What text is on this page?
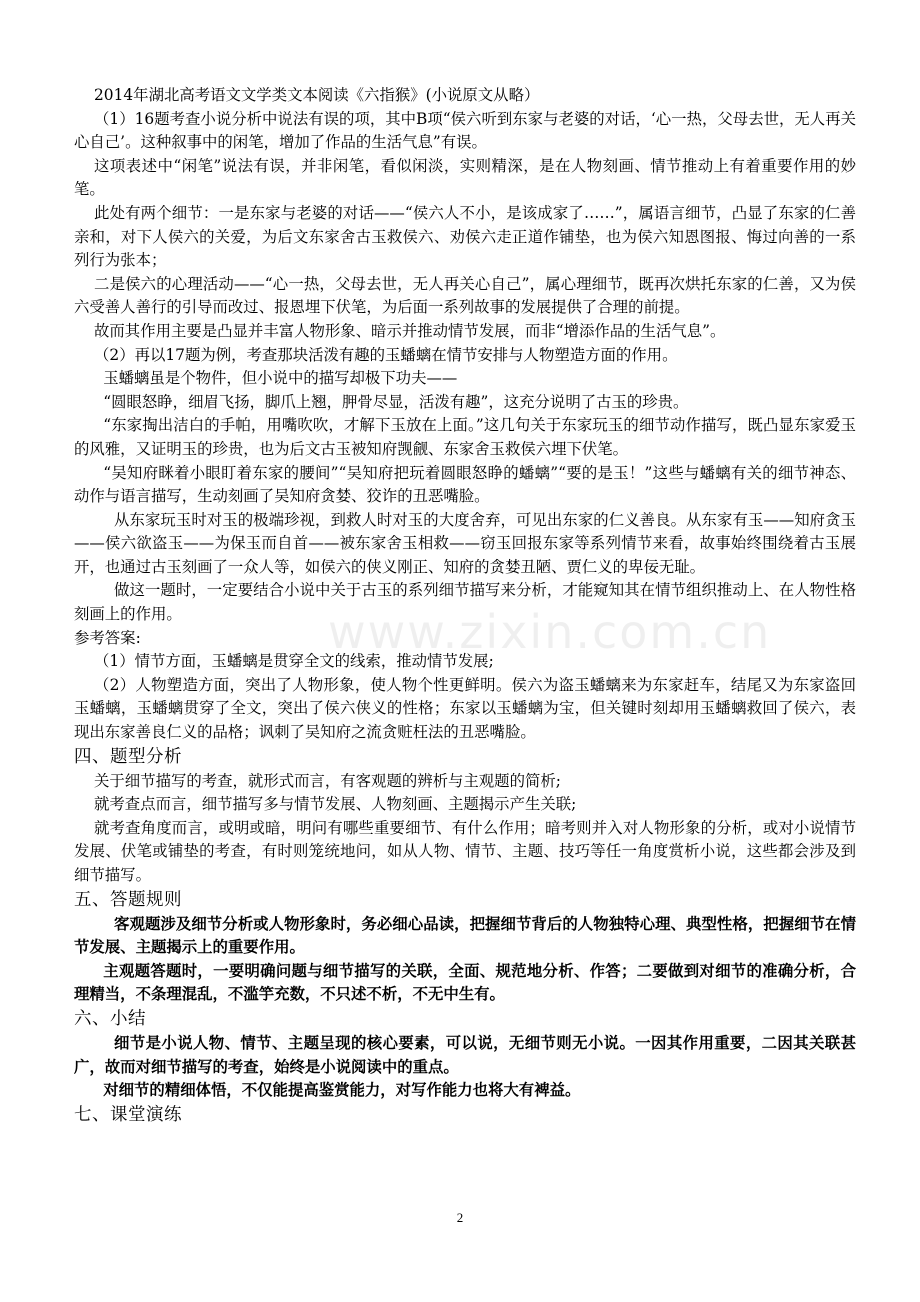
www.zixin.com.cn

2014年湖北高考语文文学类文本阅读《六指猴》(小说原文从略）

（1）16题考查小说分析中说法有误的项，其中B项“侯六听到东家与老婆的对话，‘心一热，父母去世，无人再关心自己’。这种叙事中的闲笔，增加了作品的生活气息”有误。

这项表述中“闲笔”说法有误，并非闲笔，看似闲淡，实则精深，是在人物刻画、情节推动上有着重要作用的妙笔。

此处有两个细节：一是东家与老婆的对话——“侯六人不小，是该成家了……”，属语言细节，凸显了东家的仁善亲和，对下人侯六的关爱，为后文东家舍古玉救侯六、劝侯六走正道作铺垫，也为侯六知恩图报、悔过向善的一系列行为张本；

二是侯六的心理活动——“心一热，父母去世，无人再关心自己”，属心理细节，既再次烘托东家的仁善，又为侯六受善人善行的引导而改过、报恩埋下伏笔，为后面一系列故事的发展提供了合理的前提。

故而其作用主要是凸显并丰富人物形象、暗示并推动情节发展，而非“增添作品的生活气息”。

（2）再以17题为例，考查那块活泼有趣的玉蟠螭在情节安排与人物塑造方面的作用。

玉蟠螭虽是个物件，但小说中的描写却极下功夫——

“圆眼怒睁，细眉飞扬，脚爪上翘，胛骨尽显，活泼有趣”，这充分说明了古玉的珍贵。

“东家掏出洁白的手帕，用嘴吹吹，才解下玉放在上面。”这几句关于东家玩玉的细节动作描写，既凸显东家爱玉的风雅，又证明玉的珍贵，也为后文古玉被知府觊觎、东家舍玉救侯六埋下伏笔。

“吴知府眯着小眼盯着东家的腰间”“吴知府把玩着圆眼怒睁的蟠螭”“要的是玉！”这些与蟠螭有关的细节神态、动作与语言描写，生动刻画了吴知府贪婪、狡诈的丑恶嘴脸。

从东家玩玉时对玉的极端珍视，到救人时对玉的大度舍弃，可见出东家的仁义善良。从东家有玉——知府贪玉——侯六欲盗玉——为保玉而自首——被东家舍玉相救——窃玉回报东家等系列情节来看，故事始终围绕着古玉展开，也通过古玉刻画了一众人等，如侯六的侠义刚正、知府的贪婪丑陋、贾仁义的卑佞无耻。

做这一题时，一定要结合小说中关于古玉的系列细节描写来分析，才能窥知其在情节组织推动上、在人物性格刻画上的作用。

参考答案:

（1）情节方面，玉蟠螭是贯穿全文的线索，推动情节发展;

（2）人物塑造方面，突出了人物形象，使人物个性更鲜明。侯六为盗玉蟠螭来为东家赶车，结尾又为东家盗回玉蟠螭，玉蟠螭贯穿了全文，突出了侯六侠义的性格；东家以玉蟠螭为宝，但关键时刻却用玉蟠螭救回了侯六，表现出东家善良仁义的品格；讽刺了吴知府之流贪赃枉法的丑恶嘴脸。

四、题型分析

关于细节描写的考查，就形式而言，有客观题的辨析与主观题的简析;

就考查点而言，细节描写多与情节发展、人物刻画、主题揭示产生关联;

就考查角度而言，或明或暗，明问有哪些重要细节、有什么作用；暗考则并入对人物形象的分析，或对小说情节发展、伏笔或铺垫的考查，有时则笼统地问，如从人物、情节、主题、技巧等任一角度赏析小说，这些都会涉及到细节描写。

五、答题规则

客观题涉及细节分析或人物形象时，务必细心品读，把握细节背后的人物独特心理、典型性格，把握细节在情节发展、主题揭示上的重要作用。

主观题答题时，一要明确问题与细节描写的关联，全面、规范地分析、作答；二要做到对细节的准确分析，合理精当，不条理混乱，不滥竽充数，不只述不析，不无中生有。

六、小结

细节是小说人物、情节、主题呈现的核心要素，可以说，无细节则无小说。一因其作用重要，二因其关联甚广，故而对细节描写的考查，始终是小说阅读中的重点。

对细节的精细体悟，不仅能提高鉴赏能力，对写作能力也将大有裨益。

七、课堂演练

2
